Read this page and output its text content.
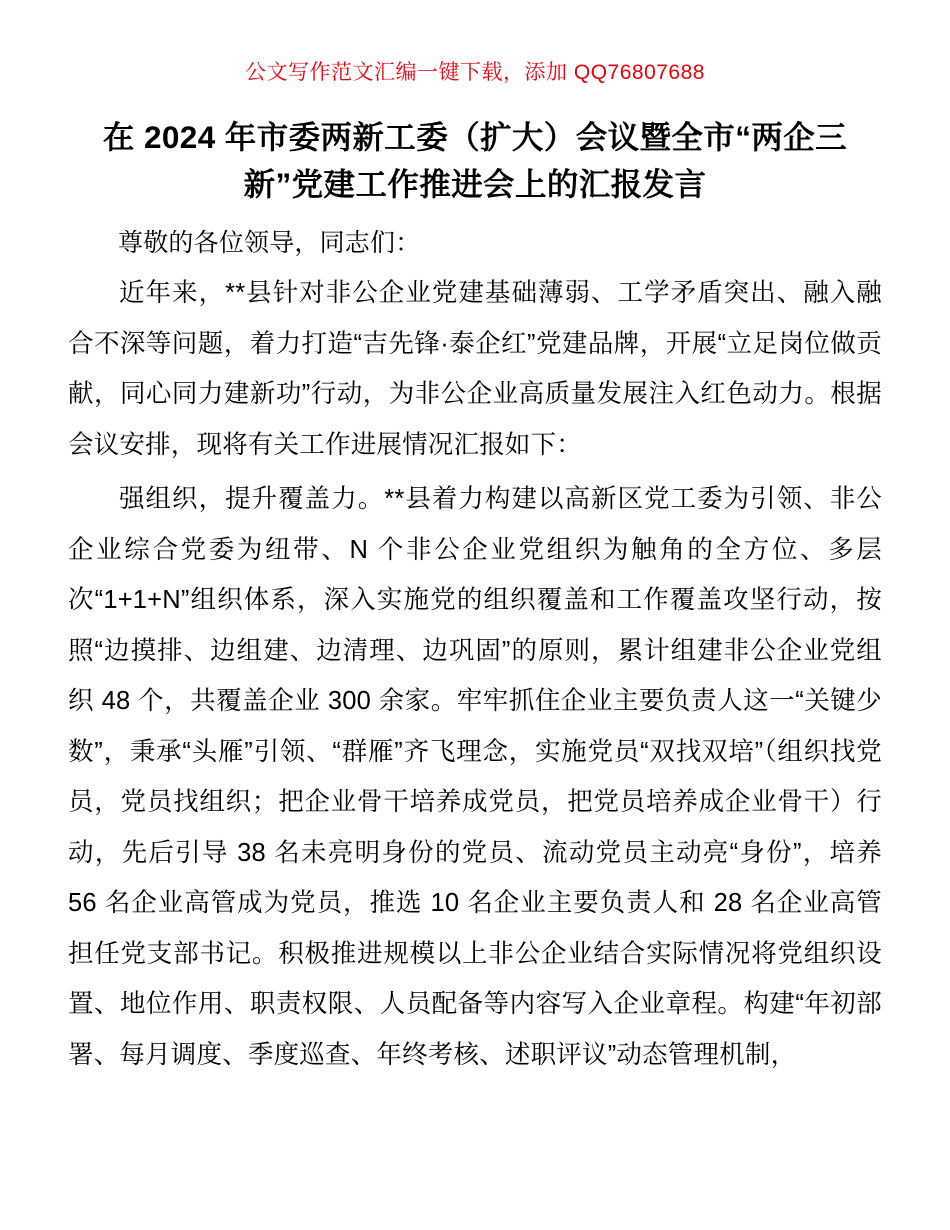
公文写作范文汇编一键下载，添加 QQ76807688
在 2024 年市委两新工委（扩大）会议暨全市“两企三新”党建工作推进会上的汇报发言
尊敬的各位领导，同志们：

近年来，**县针对非公企业党建基础薄弱、工学矛盾突出、融入融合不深等问题，着力打造“吉先锋·泰企红”党建品牌，开展“立足岗位做贡献，同心同力建新功”行动，为非公企业高质量发展注入红色动力。根据会议安排，现将有关工作进展情况汇报如下：

强组织，提升覆盖力。**县着力构建以高新区党工委为引领、非公企业综合党委为纽带、N 个非公企业党组织为触角的全方位、多层次“1+1+N”组织体系，深入实施党的组织覆盖和工作覆盖攻坚行动，按照“边摸排、边组建、边清理、边巩固”的原则，累计组建非公企业党组织 48 个，共覆盖企业 300 余家。牢牢抓住企业主要负责人这一“关键少数”，秉承“头雁”引领、“群雁”齐飞理念，实施党员“双找双培”（组织找党员，党员找组织；把企业骨干培养成党员，把党员培养成企业骨干）行动，先后引导 38 名未亮明身份的党员、流动党员主动亮“身份”，培养 56 名企业高管成为党员，推选 10 名企业主要负责人和 28 名企业高管担任党支部书记。积极推进规模以上非公企业结合实际情况将党组织设置、地位作用、职责权限、人员配备等内容写入企业章程。构建“年初部署、每月调度、季度巡查、年终考核、述职评议”动态管理机制，
